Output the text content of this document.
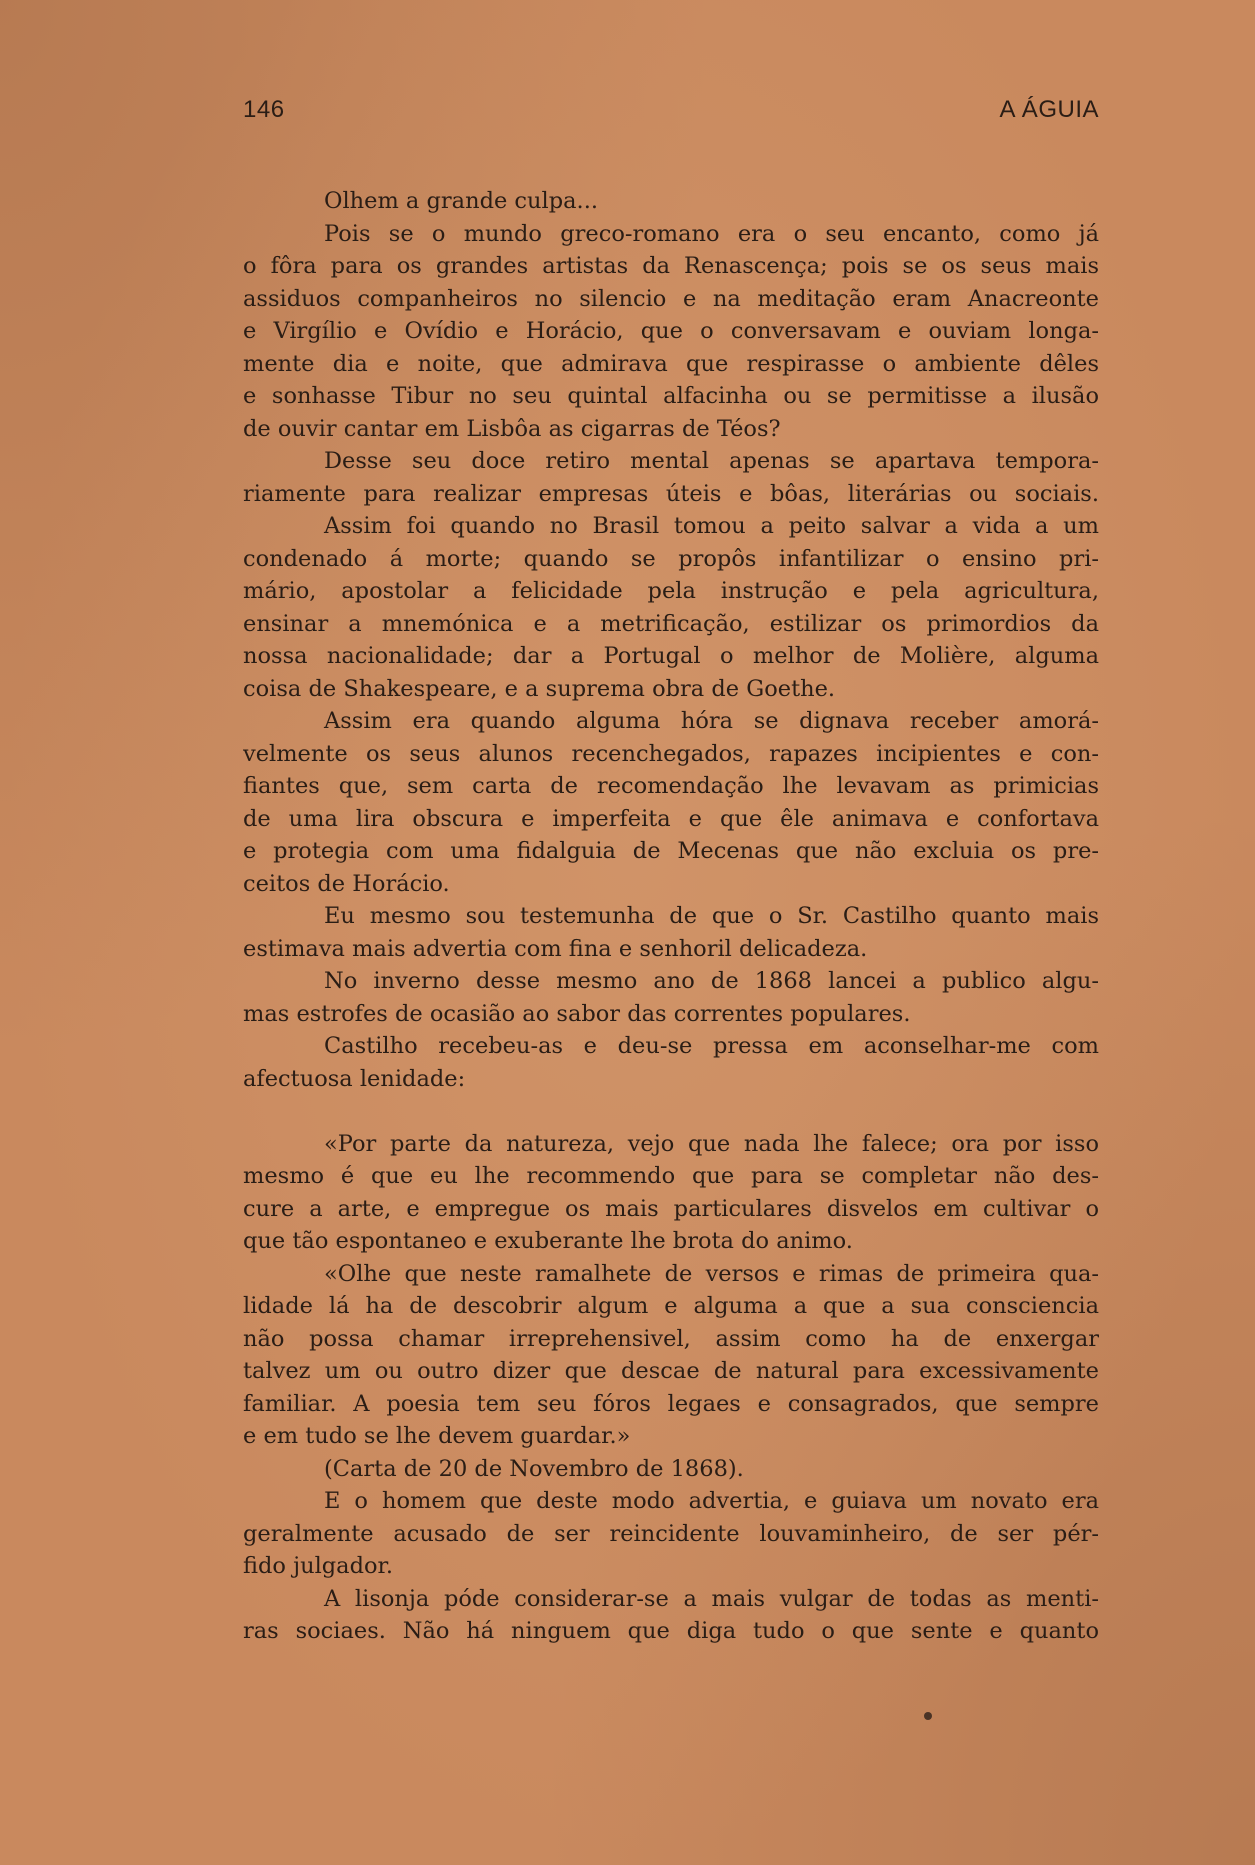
146	A ÁGUIA
Olhem a grande culpa...
Pois se o mundo greco-romano era o seu encanto, como já
o fôra para os grandes artistas da Renascença; pois se os seus mais
assiduos companheiros no silencio e na meditação eram Anacreonte
e Virgílio e Ovídio e Horácio, que o conversavam e ouviam longa-
mente dia e noite, que admirava que respirasse o ambiente dêles
e sonhasse Tibur no seu quintal alfacinha ou se permitisse a ilusão
de ouvir cantar em Lisbôa as cigarras de Téos?
Desse seu doce retiro mental apenas se apartava tempora-
riamente para realizar empresas úteis e bôas, literárias ou sociais.
Assim foi quando no Brasil tomou a peito salvar a vida a um
condenado á morte; quando se propôs infantilizar o ensino pri-
mário, apostolar a felicidade pela instrução e pela agricultura,
ensinar a mnemónica e a metrificação, estilizar os primordios da
nossa nacionalidade; dar a Portugal o melhor de Molière, alguma
coisa de Shakespeare, e a suprema obra de Goethe.
Assim era quando alguma hóra se dignava receber amorá-
velmente os seus alunos recenchegados, rapazes incipientes e con-
fiantes que, sem carta de recomendação lhe levavam as primicias
de uma lira obscura e imperfeita e que êle animava e confortava
e protegia com uma fidalguia de Mecenas que não excluia os pre-
ceitos de Horácio.
Eu mesmo sou testemunha de que o Sr. Castilho quanto mais
estimava mais advertia com fina e senhoril delicadeza.
No inverno desse mesmo ano de 1868 lancei a publico algu-
mas estrofes de ocasião ao sabor das correntes populares.
Castilho recebeu-as e deu-se pressa em aconselhar-me com
afectuosa lenidade:
«Por parte da natureza, vejo que nada lhe falece; ora por isso
mesmo é que eu lhe recommendo que para se completar não des-
cure a arte, e empregue os mais particulares disvelos em cultivar o
que tão espontaneo e exuberante lhe brota do animo.
«Olhe que neste ramalhete de versos e rimas de primeira qua-
lidade lá ha de descobrir algum e alguma a que a sua consciencia
não possa chamar irreprehensivel, assim como ha de enxergar
talvez um ou outro dizer que descae de natural para excessivamente
familiar. A poesia tem seu fóros legaes e consagrados, que sempre
e em tudo se lhe devem guardar.»
(Carta de 20 de Novembro de 1868).
E o homem que deste modo advertia, e guiava um novato era
geralmente acusado de ser reincidente louvaminheiro, de ser pér-
fido julgador.
A lisonja póde considerar-se a mais vulgar de todas as menti-
ras sociaes. Não há ninguem que diga tudo o que sente e quanto
